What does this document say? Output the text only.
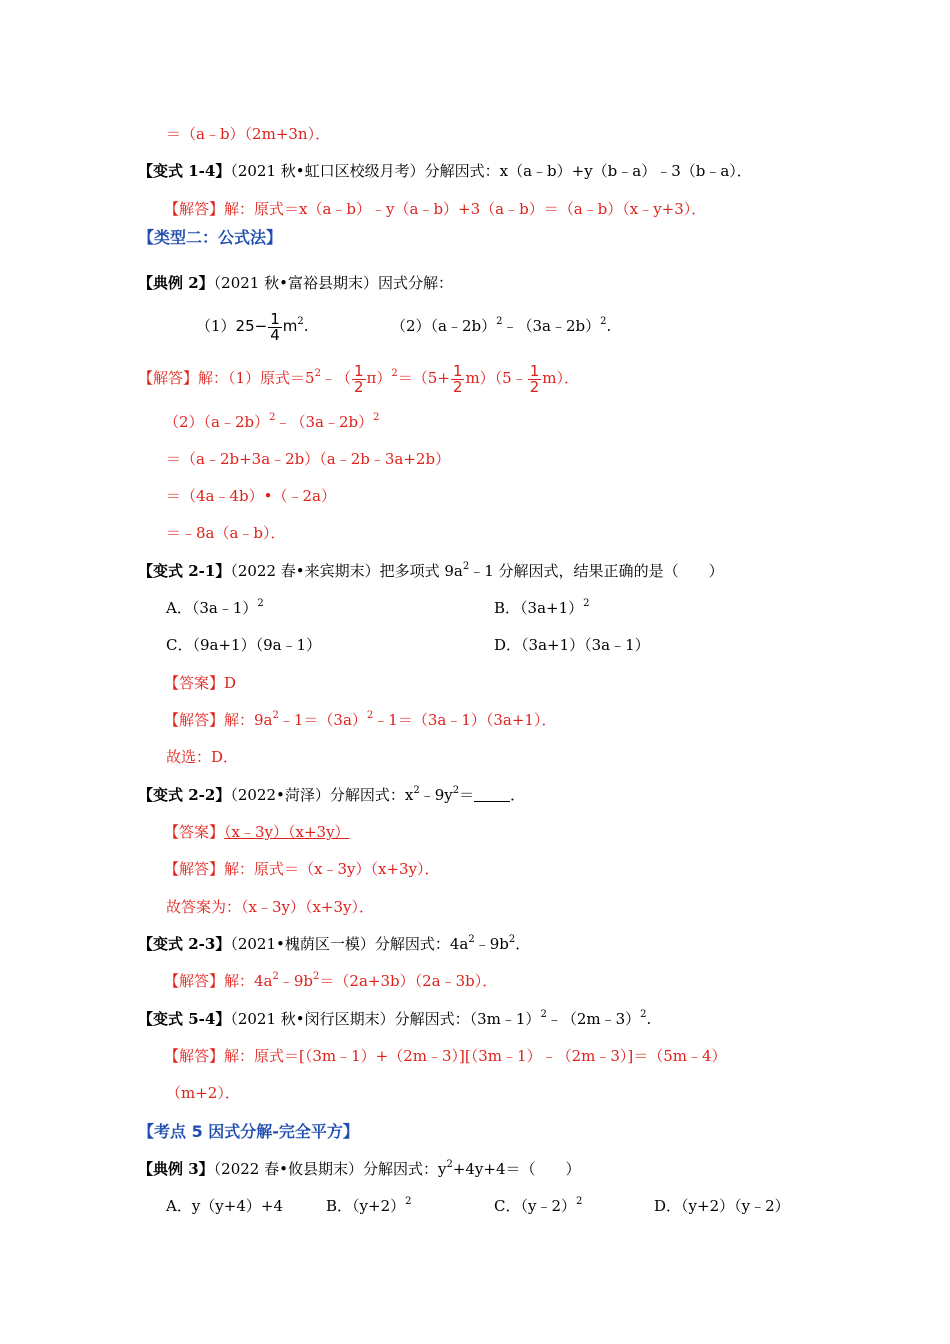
＝（a﹣b）（2m+3n）．
【变式 1-4】（2021 秋•虹口区校级月考）分解因式：x（a﹣b）+y（b﹣a）﹣3（b﹣a）．
【解答】解：原式＝x（a﹣b）﹣y（a﹣b）+3（a﹣b）＝（a﹣b）（x﹣y+3）．
【类型二：公式法】
【典例 2】（2021 秋•富裕县期末）因式分解：
$(1)25- \frac{1}{4} m^2$.	（2）（a﹣2b）$^2$﹣（3a﹣2b）$^2$.
【解答】解：（1）原式$=5^2﹣( \frac{1}{2} \pi)^2=(5+ \frac{1}{2}$ m）（5﹣ $\frac{1}{2} m$）．
（2）（a﹣2b）$^2$﹣（3a﹣2b）$^2$
＝（a﹣2b+3a﹣2b）（a﹣2b﹣3a+2b）
＝（4a﹣4b）•（﹣2a）
＝﹣8a（a﹣b）．
【变式 2-1】（2022 春•来宾期末）把多项式 $9a^2﹣1$ 分解因式，结果正确的是（　　）
A．（3a﹣1）$^2$	B．$(3a+1)^2$
C．（9a+1）（9a﹣1）	D．（3a+1）（3a﹣1）
【答案】D
【解答】解：$9a^2﹣1=(3a)^2﹣1=(3a﹣1)(3a+1)$．
故选：D．
【变式 2-2】（2022•菏泽）分解因式：$x^2﹣9y^2=$ ．
【答案】（x﹣3y）（x+3y）
【解答】解：原式＝（x﹣3y）（x+3y）．
故答案为：（x﹣3y）（x+3y）．
【变式 2-3】（2021•槐荫区一模）分解因式：$4a^2﹣9b^2$．
【解答】解：$4a^2﹣9b^2=(2a+3b)(2a﹣3b)$．
【变式 5-4】（2021 秋•闵行区期末）分解因式：（3m﹣1）$^2$﹣（2m﹣3）$^2$.
【解答】解：原式＝[（3m﹣1）+（2m﹣3）][（3m﹣1）﹣（2m﹣3）]＝（5m﹣4）
（m+2）．
【考点 5 因式分解-完全平方】
【典例 3】（2022 春•攸县期末）分解因式：$y^2+4y+4=$（　　）
A．y（y+4）+4	B．$(y+2)^2$	C．（y﹣2）$^2$	D．（y+2）（y﹣2）
